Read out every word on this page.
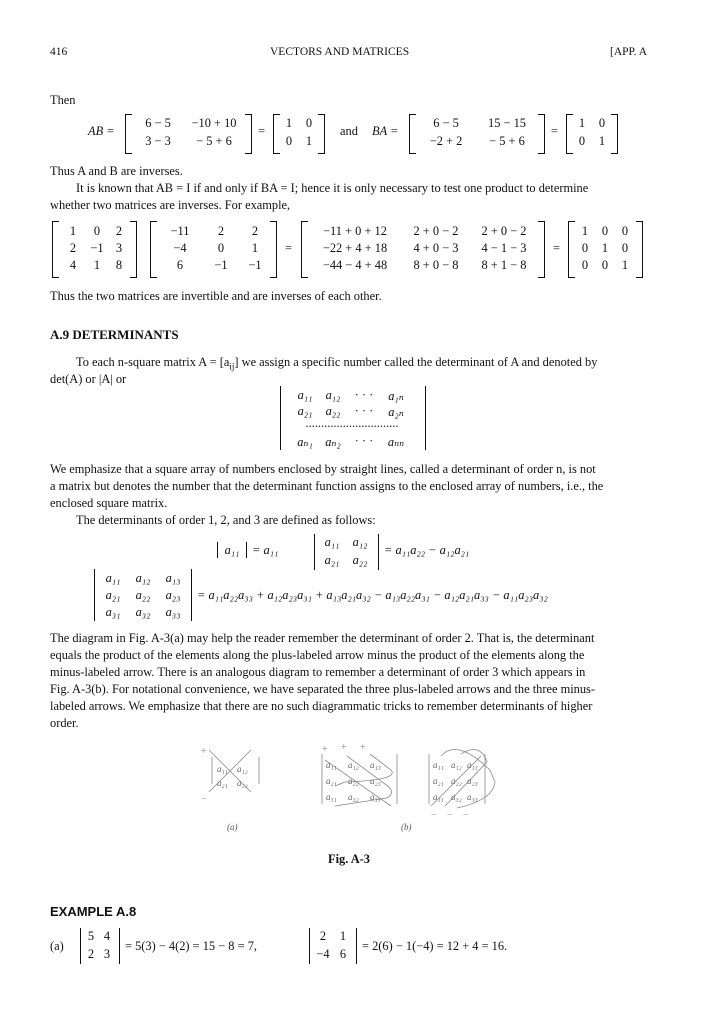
416	VECTORS AND MATRICES	[APP. A
Then
AB =
6 − 5	−10 + 10
3 − 3	− 5 + 6
=
1	0
0	1
and BA =
6 − 5	15 − 15
−2 + 2	− 5 + 6
=
1	0
0	1
Thus A and B are inverses.
It is known that AB = I if and only if BA = I; hence it is only necessary to test one product to determine
whether two matrices are inverses. For example,
1	0	2
2	−1 3
4	1	8
−11	2	2
−4	0	1
6	−1	−1
=
−11 + 0 + 12	2 + 0 − 2	2 + 0 − 2
−22 + 4 + 18	4 + 0 − 3	4 − 1 − 3
−44 − 4 + 48	8 + 0 − 8	8 + 1 − 8
=
1	0	0
0	1	0
0	0	1
Thus the two matrices are invertible and are inverses of each other.
A.9 DETERMINANTS
To each n-square matrix $A = [a_{ij}]$ we assign a specific number called the determinant of A and denoted by
det(A) or |A| or
a₁₁	a₁₂	· · ·	a₁ₙ
a₂₁	a₂₂	· · ·	a₂ₙ
..............................
aₙ₁	aₙ₂	· · ·	aₙₙ
We emphasize that a square array of numbers enclosed by straight lines, called a determinant of order n, is not
a matrix but denotes the number that the determinant function assigns to the enclosed array of numbers, i.e., the
enclosed square matrix.
The determinants of order 1, 2, and 3 are defined as follows:
a₁₁ = a₁₁
a₁₁	a₁₂
a₂₁	a₂₂
= a₁₁a₂₂ − a₁₂a₂₁
a₁₁	a₁₂	a₁₃
a₂₁	a₂₂	a₂₃
a₃₁	a₃₂	a₃₃
= a₁₁a₂₂a₃₃ + a₁₂a₂₃a₃₁ + a₁₃a₂₁a₃₂ − a₁₃a₂₂a₃₁ − a₁₂a₂₁a₃₃ − a₁₁a₂₃a₃₂
The diagram in Fig. A-3(a) may help the reader remember the determinant of order 2. That is, the determinant
equals the product of the elements along the plus-labeled arrow minus the product of the elements along the
minus-labeled arrow. There is an analogous diagram to remember a determinant of order 3 which appears in
Fig. A-3(b). For notational convenience, we have separated the three plus-labeled arrows and the three minus-
labeled arrows. We emphasize that there are no such diagrammatic tricks to remember determinants of higher
order.
a₁₁ a₁₂
a₂₁ a₂₂
a₁₁ a₁₂ a₁₃
a₂₁ a₂₂ a₂₃
a₃₁ a₃₂ a₃₃
a₁₁ a₁₂ a₁₃
a₂₁ a₂₂ a₂₃
a₃₁ a₃₂ a₃₃
+
−
+ + +
− − −
(a)	(b)
Fig. A-3
EXAMPLE A.8
(a)
5 4
2 3
= 5(3) − 4(2) = 15 − 8 = 7,
2	1
−4 6
= 2(6) − 1(−4) = 12 + 4 = 16.
